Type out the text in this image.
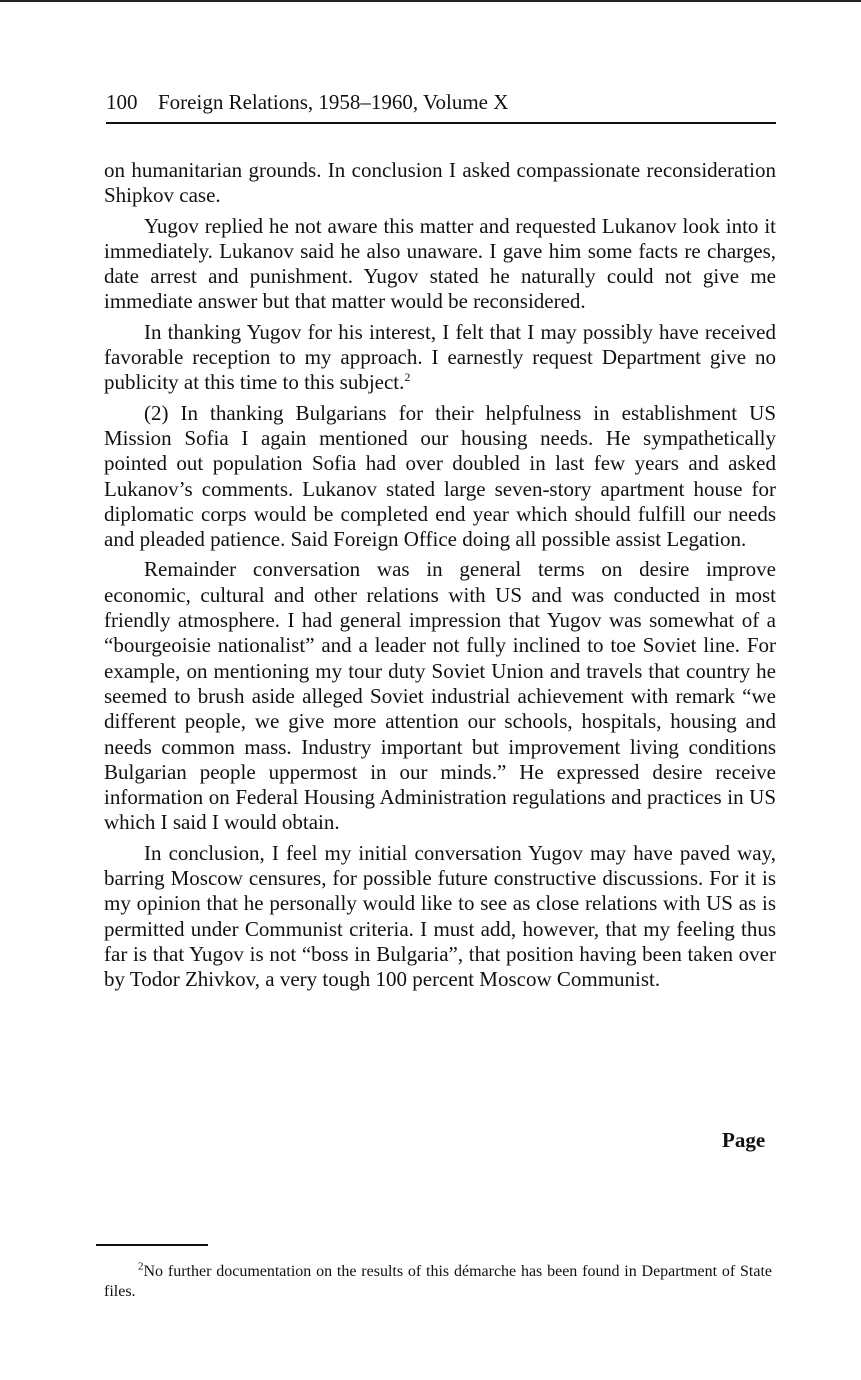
100 Foreign Relations, 1958–1960, Volume X

on humanitarian grounds. In conclusion I asked compassionate reconsideration Shipkov case.

Yugov replied he not aware this matter and requested Lukanov look into it immediately. Lukanov said he also unaware. I gave him some facts re charges, date arrest and punishment. Yugov stated he naturally could not give me immediate answer but that matter would be reconsidered.

In thanking Yugov for his interest, I felt that I may possibly have received favorable reception to my approach. I earnestly request Department give no publicity at this time to this subject.$^2$

(2) In thanking Bulgarians for their helpfulness in establishment US Mission Sofia I again mentioned our housing needs. He sympathetically pointed out population Sofia had over doubled in last few years and asked Lukanov’s comments. Lukanov stated large seven-story apartment house for diplomatic corps would be completed end year which should fulfill our needs and pleaded patience. Said Foreign Office doing all possible assist Legation.

Remainder conversation was in general terms on desire improve economic, cultural and other relations with US and was conducted in most friendly atmosphere. I had general impression that Yugov was somewhat of a “bourgeoisie nationalist” and a leader not fully inclined to toe Soviet line. For example, on mentioning my tour duty Soviet Union and travels that country he seemed to brush aside alleged Soviet industrial achievement with remark “we different people, we give more attention our schools, hospitals, housing and needs common mass. Industry important but improvement living conditions Bulgarian people uppermost in our minds.” He expressed desire receive information on Federal Housing Administration regulations and practices in US which I said I would obtain.

In conclusion, I feel my initial conversation Yugov may have paved way, barring Moscow censures, for possible future constructive discussions. For it is my opinion that he personally would like to see as close relations with US as is permitted under Communist criteria. I must add, however, that my feeling thus far is that Yugov is not “boss in Bulgaria”, that position having been taken over by Todor Zhivkov, a very tough 100 percent Moscow Communist.

Page

$^2$No further documentation on the results of this démarche has been found in Department of State files.
